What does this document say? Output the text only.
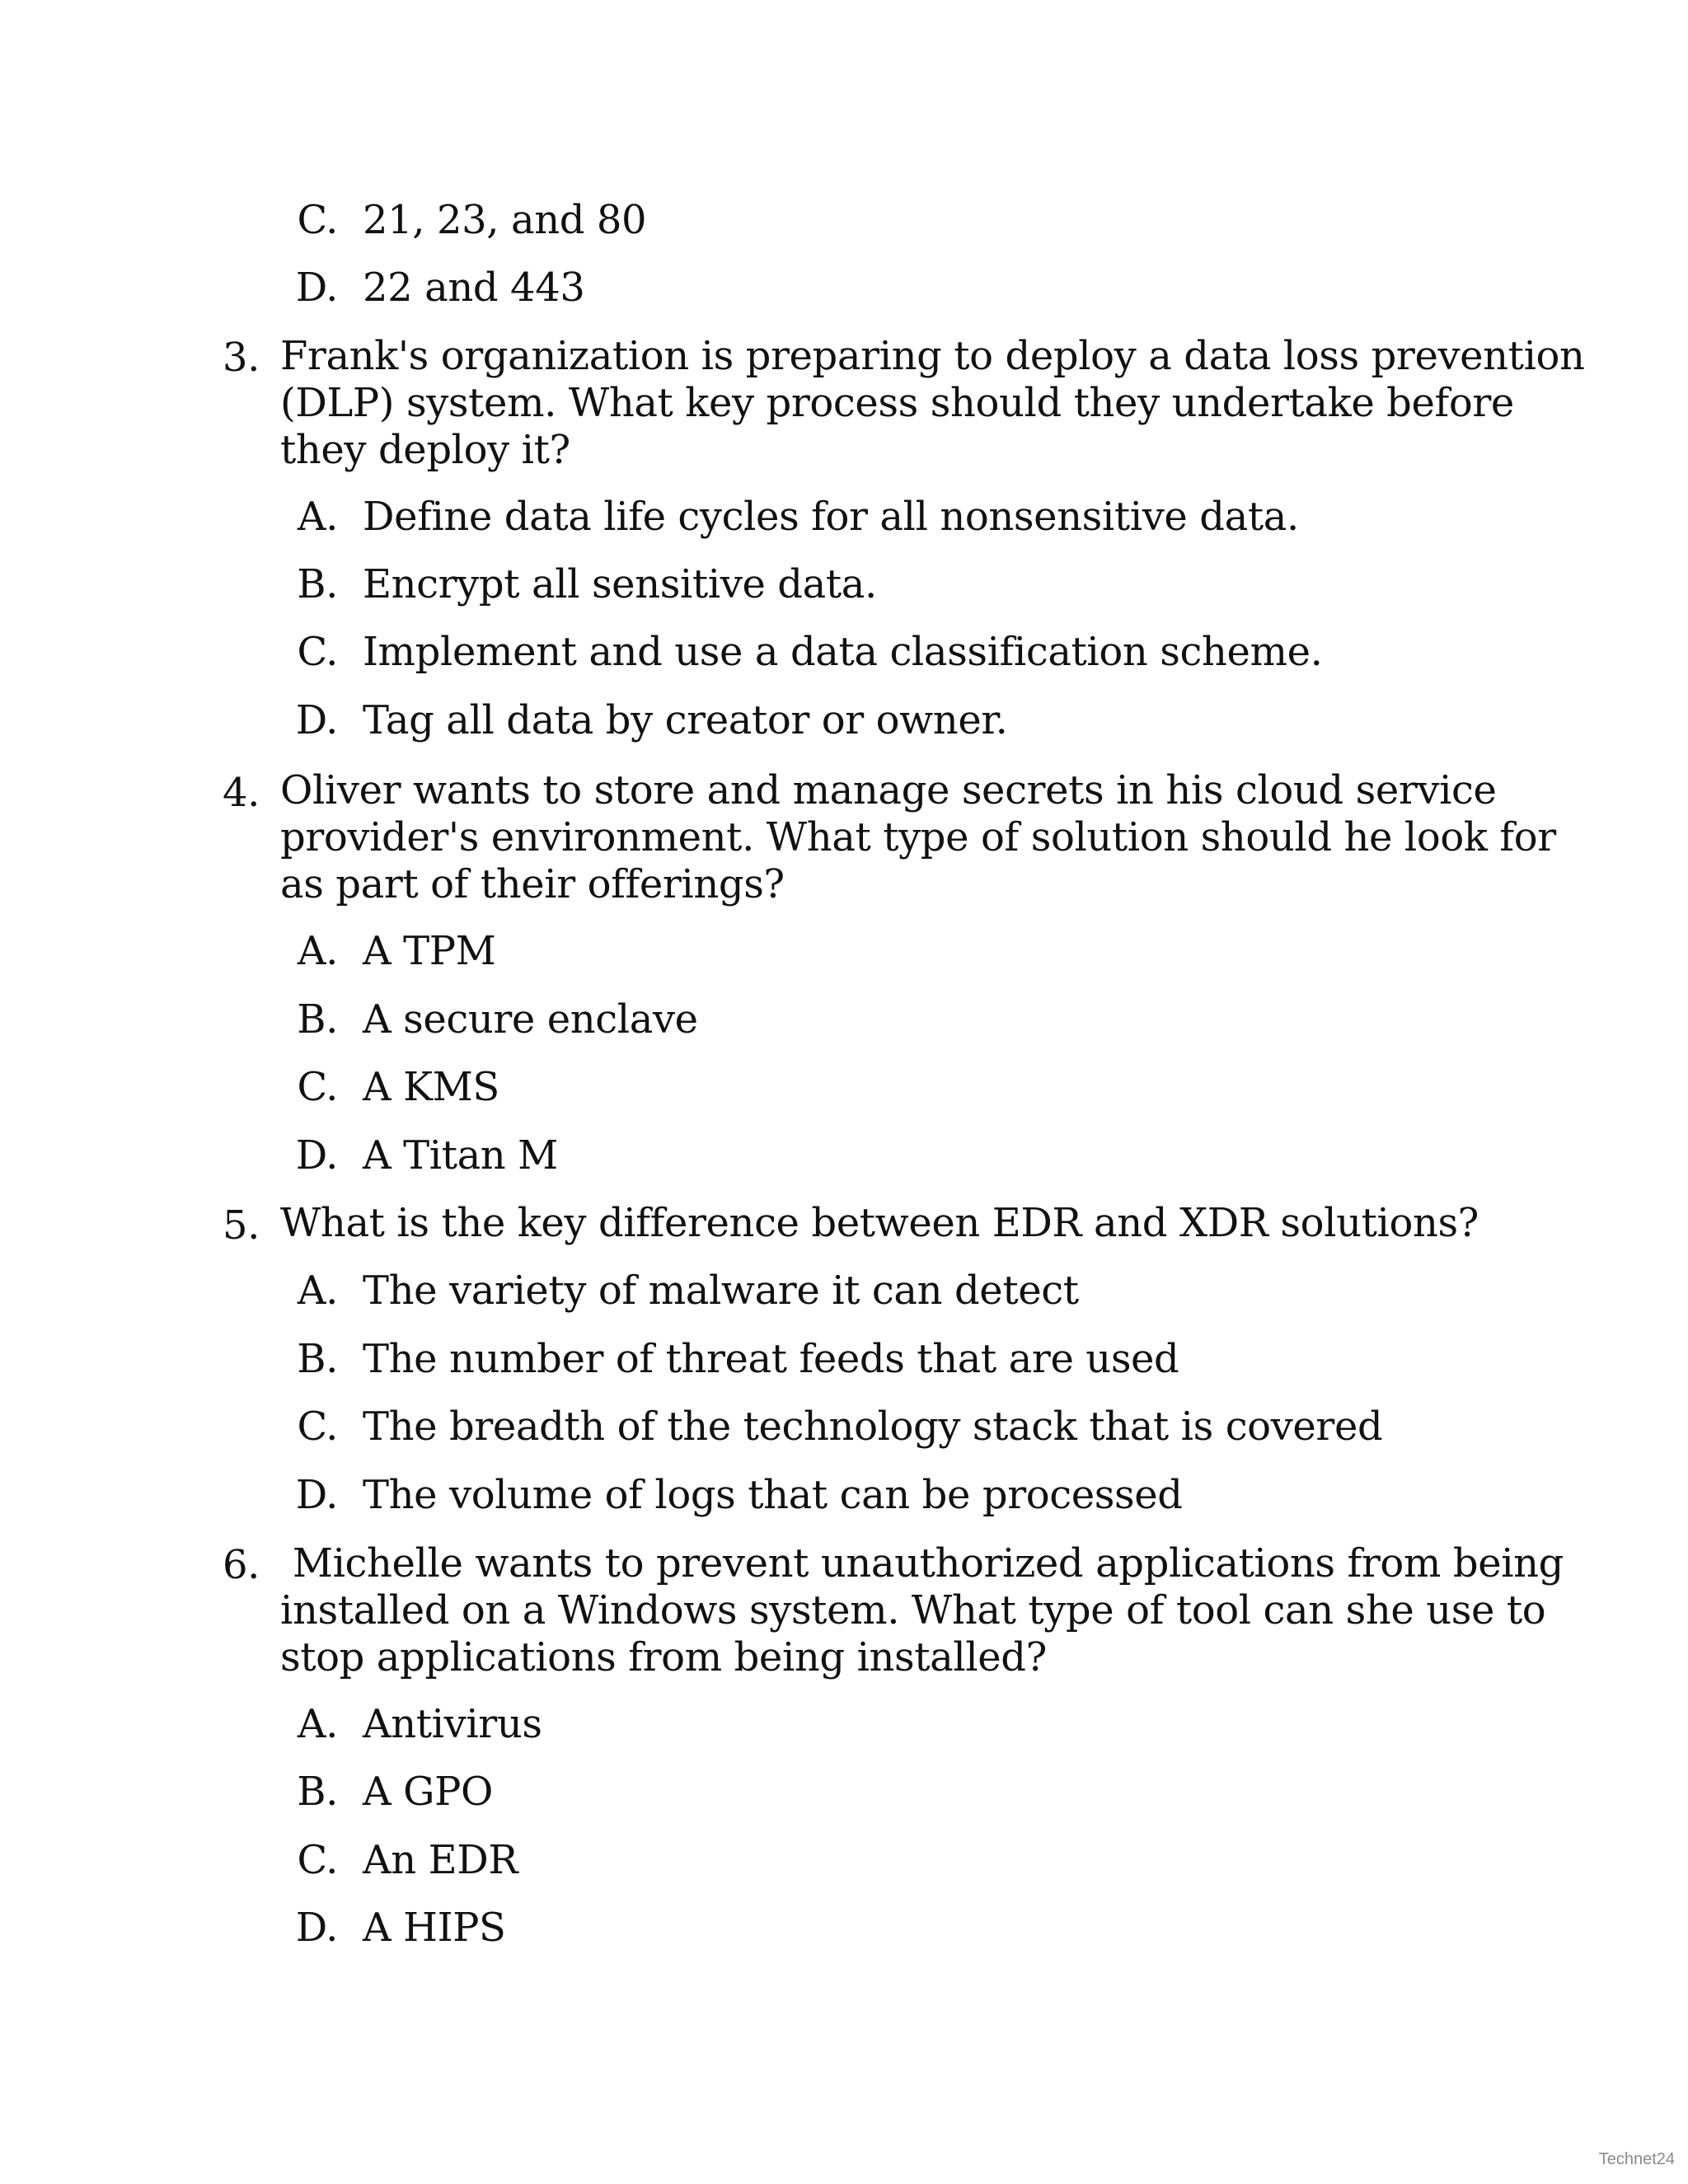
C. 21, 23, and 80
D. 22 and 443
3. Frank's organization is preparing to deploy a data loss prevention
(DLP) system. What key process should they undertake before
they deploy it?
A. Define data life cycles for all nonsensitive data.
B. Encrypt all sensitive data.
C. Implement and use a data classification scheme.
D. Tag all data by creator or owner.
4. Oliver wants to store and manage secrets in his cloud service
provider's environment. What type of solution should he look for
as part of their offerings?
A. A TPM
B. A secure enclave
C. A KMS
D. A Titan M
5. What is the key difference between EDR and XDR solutions?
A. The variety of malware it can detect
B. The number of threat feeds that are used
C. The breadth of the technology stack that is covered
D. The volume of logs that can be processed
6. Michelle wants to prevent unauthorized applications from being
installed on a Windows system. What type of tool can she use to
stop applications from being installed?
A. Antivirus
B. A GPO
C. An EDR
D. A HIPS
Technet24
